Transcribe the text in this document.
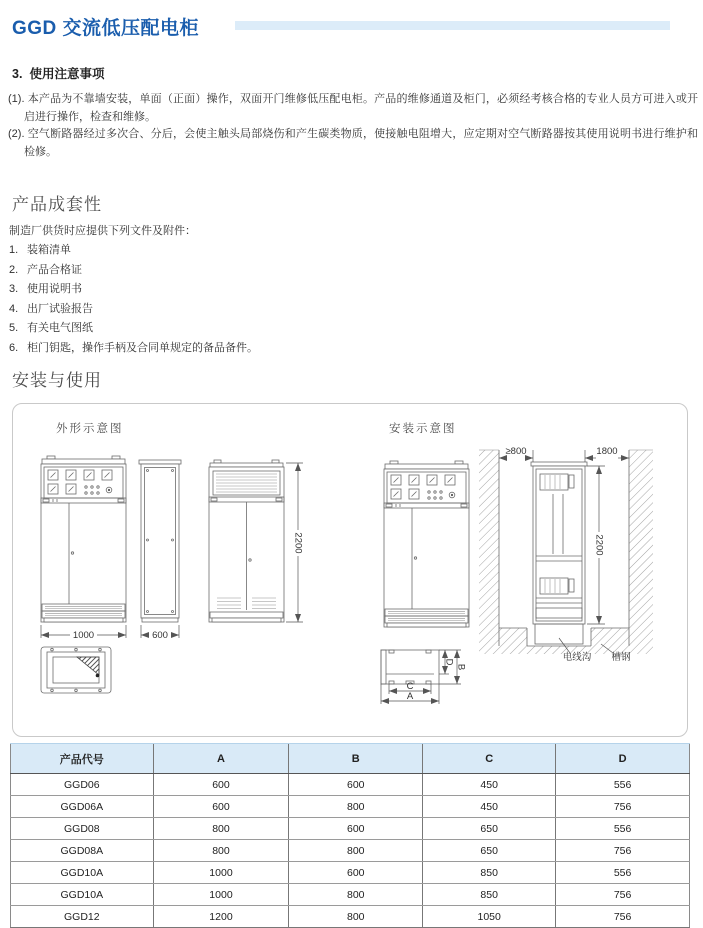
GGD 交流低压配电柜
3. 使用注意事项

(1). 本产品为不靠墙安装，单面（正面）操作，双面开门维修低压配电柜。产品的维修通道及柜门，必须经考核合格的专业人员方可进入或开启进行操作，检查和维修。

(2). 空气断路器经过多次合、分后，会使主触头局部烧伤和产生碳类物质，使接触电阻增大，应定期对空气断路器按其使用说明书进行维护和检修。

产品成套性
制造厂供货时应提供下列文件及附件：
1. 装箱清单
2. 产品合格证
3. 使用说明书
4. 出厂试验报告
5. 有关电气图纸
6. 柜门钥匙，操作手柄及合同单规定的备品备件。
安装与使用
外形示意图	安装示意图
1000	600
2200
≥800	1800
2200
电线沟 槽钢
D
B
C
A
产品代号	A	B	C	D
GGD06	600	600	450	556
GGD06A	600	800	450	756
GGD08	800	600	650	556
GGD08A	800	800	650	756
GGD10A	1000	600	850	556
GGD10A	1000	800	850	756
GGD12	1200	800	1050	756
